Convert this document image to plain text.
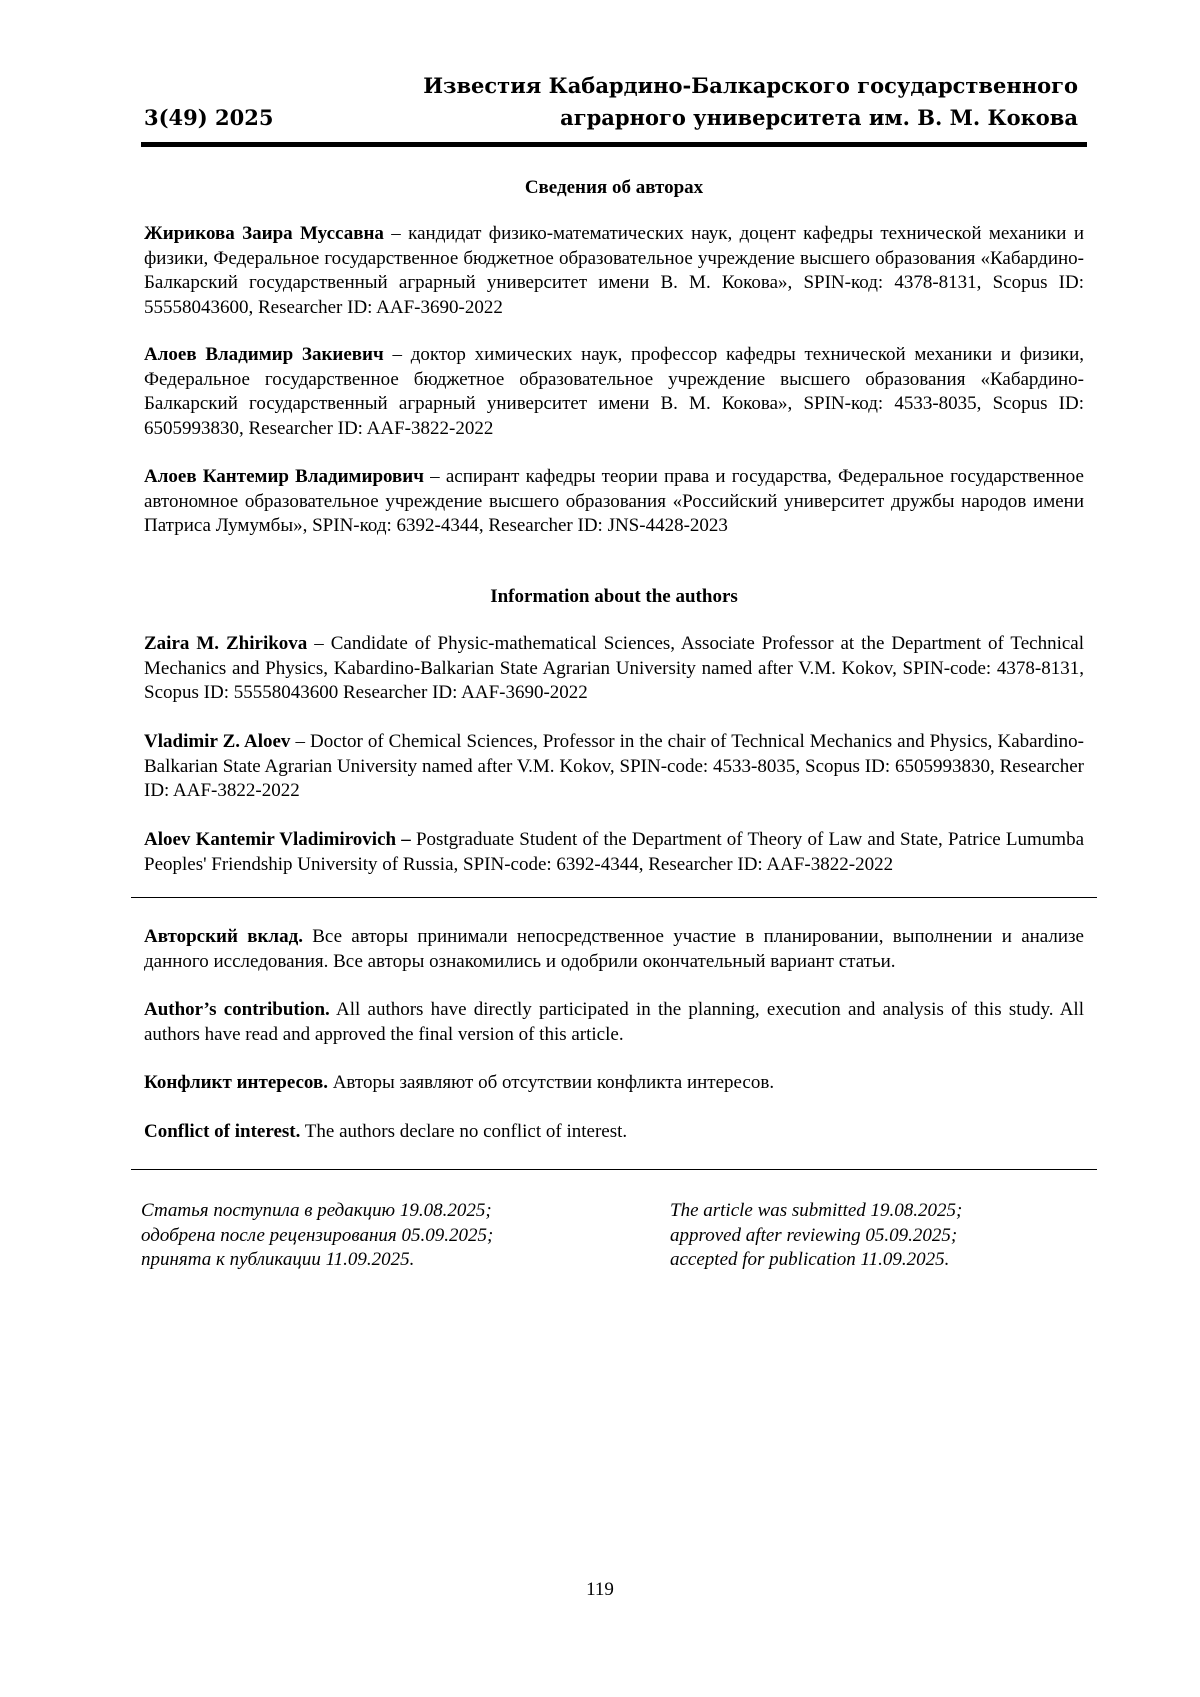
Известия Кабардино-Балкарского государственного
аграрного университета им. В. М. Кокова
3(49) 2025
Сведения об авторах

Жирикова Заира Муссавна – кандидат физико-математических наук, доцент кафедры технической механики и физики, Федеральное государственное бюджетное образовательное учреждение высшего образования «Кабардино-Балкарский государственный аграрный университет имени В. М. Кокова», SPIN-код: 4378-8131, Scopus ID: 55558043600, Researcher ID: AAF-3690-2022

Алоев Владимир Закиевич – доктор химических наук, профессор кафедры технической механики и физики, Федеральное государственное бюджетное образовательное учреждение высшего образования «Кабардино-Балкарский государственный аграрный университет имени В. М. Кокова», SPIN-код: 4533-8035, Scopus ID: 6505993830, Researcher ID: AAF-3822-2022

Алоев Кантемир Владимирович – аспирант кафедры теории права и государства, Федеральное государственное автономное образовательное учреждение высшего образования «Российский университет дружбы народов имени Патриса Лумумбы», SPIN-код: 6392-4344, Researcher ID: JNS-4428-2023

Information about the authors

Zaira M. Zhirikova – Candidate of Physic-mathematical Sciences, Associate Professor at the Department of Technical Mechanics and Physics, Kabardino-Balkarian State Agrarian University named after V.M. Kokov, SPIN-code: 4378-8131, Scopus ID: 55558043600 Researcher ID: AAF-3690-2022

Vladimir Z. Aloev – Doctor of Chemical Sciences, Professor in the chair of Technical Mechanics and Physics, Kabardino-Balkarian State Agrarian University named after V.M. Kokov, SPIN-code: 4533-8035, Scopus ID: 6505993830, Researcher ID: AAF-3822-2022

Aloev Kantemir Vladimirovich – Postgraduate Student of the Department of Theory of Law and State, Patrice Lumumba Peoples' Friendship University of Russia, SPIN-code: 6392-4344, Researcher ID: AAF-3822-2022

Авторский вклад. Все авторы принимали непосредственное участие в планировании, выполнении и анализе данного исследования. Все авторы ознакомились и одобрили окончательный вариант статьи.

Author’s contribution. All authors have directly participated in the planning, execution and analysis of this study. All authors have read and approved the final version of this article.

Конфликт интересов. Авторы заявляют об отсутствии конфликта интересов.

Conflict of interest. The authors declare no conflict of interest.

Статья поступила в редакцию 19.08.2025;
одобрена после рецензирования 05.09.2025;
принята к публикации 11.09.2025.
The article was submitted 19.08.2025;
approved after reviewing 05.09.2025;
accepted for publication 11.09.2025.
119
